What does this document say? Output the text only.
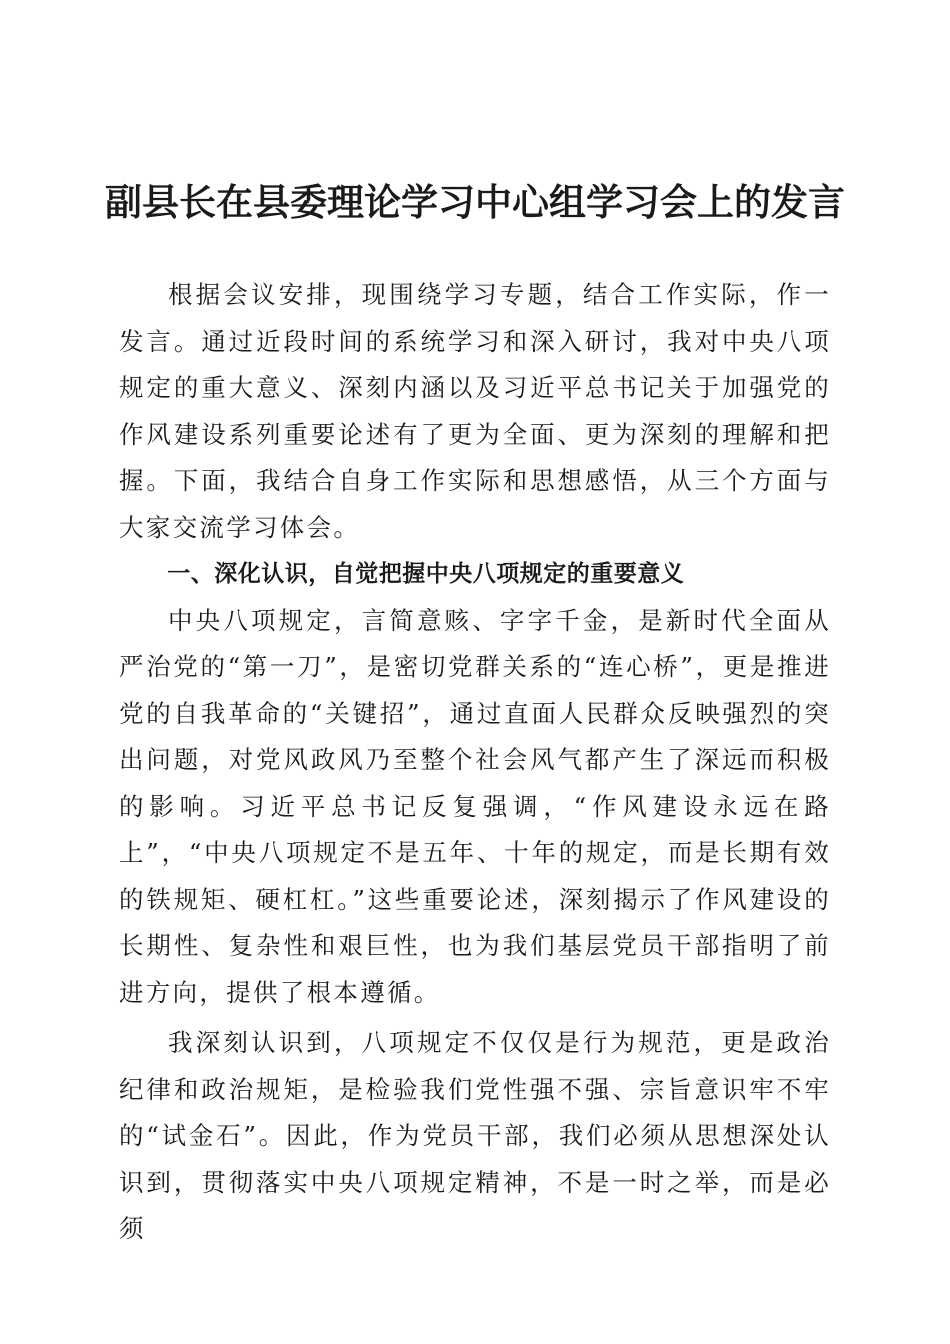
副县长在县委理论学习中心组学习会上的发言

根据会议安排，现围绕学习专题，结合工作实际，作一发言。通过近段时间的系统学习和深入研讨，我对中央八项规定的重大意义、深刻内涵以及习近平总书记关于加强党的作风建设系列重要论述有了更为全面、更为深刻的理解和把握。下面，我结合自身工作实际和思想感悟，从三个方面与大家交流学习体会。

一、深化认识，自觉把握中央八项规定的重要意义

中央八项规定，言简意赅、字字千金，是新时代全面从严治党的“第一刀”，是密切党群关系的“连心桥”，更是推进党的自我革命的“关键招”，通过直面人民群众反映强烈的突出问题，对党风政风乃至整个社会风气都产生了深远而积极的影响。习近平总书记反复强调，“作风建设永远在路上”，“中央八项规定不是五年、十年的规定，而是长期有效的铁规矩、硬杠杠。”这些重要论述，深刻揭示了作风建设的长期性、复杂性和艰巨性，也为我们基层党员干部指明了前进方向，提供了根本遵循。

我深刻认识到，八项规定不仅仅是行为规范，更是政治纪律和政治规矩，是检验我们党性强不强、宗旨意识牢不牢的“试金石”。因此，作为党员干部，我们必须从思想深处认识到，贯彻落实中央八项规定精神，不是一时之举，而是必须
